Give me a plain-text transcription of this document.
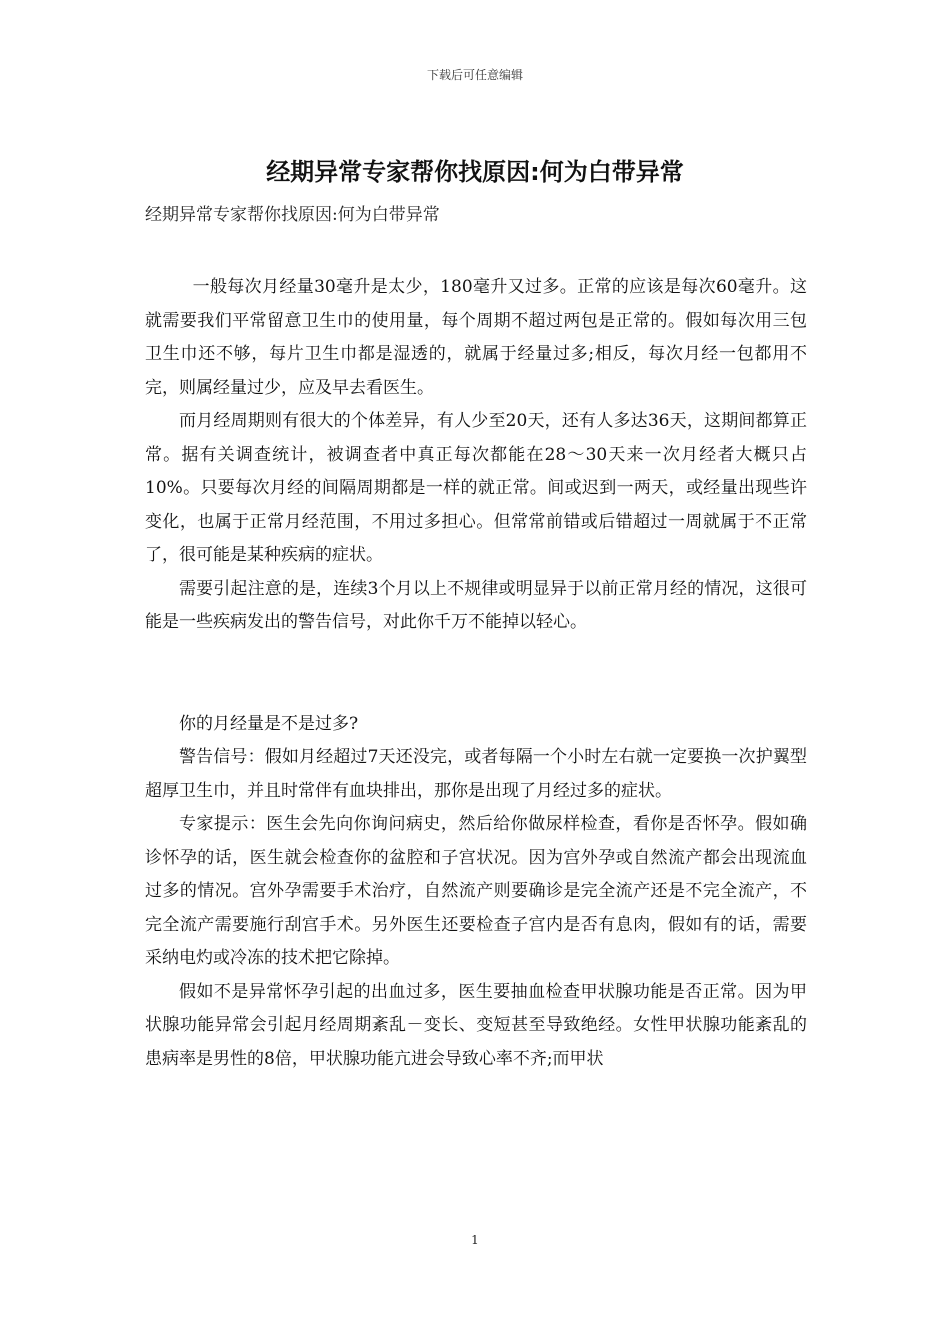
下载后可任意编辑
经期异常专家帮你找原因:何为白带异常
经期异常专家帮你找原因:何为白带异常

一般每次月经量30毫升是太少，180毫升又过多。正常的应该是每次60毫升。这就需要我们平常留意卫生巾的使用量，每个周期不超过两包是正常的。假如每次用三包卫生巾还不够，每片卫生巾都是湿透的，就属于经量过多;相反，每次月经一包都用不完，则属经量过少，应及早去看医生。

而月经周期则有很大的个体差异，有人少至20天，还有人多达36天，这期间都算正常。据有关调查统计，被调查者中真正每次都能在28～30天来一次月经者大概只占10%。只要每次月经的间隔周期都是一样的就正常。间或迟到一两天，或经量出现些许变化，也属于正常月经范围，不用过多担心。但常常前错或后错超过一周就属于不正常了，很可能是某种疾病的症状。

需要引起注意的是，连续3个月以上不规律或明显异于以前正常月经的情况，这很可能是一些疾病发出的警告信号，对此你千万不能掉以轻心。

你的月经量是不是过多?

警告信号：假如月经超过7天还没完，或者每隔一个小时左右就一定要换一次护翼型超厚卫生巾，并且时常伴有血块排出，那你是出现了月经过多的症状。

专家提示：医生会先向你询问病史，然后给你做尿样检查，看你是否怀孕。假如确诊怀孕的话，医生就会检查你的盆腔和子宫状况。因为宫外孕或自然流产都会出现流血过多的情况。宫外孕需要手术治疗，自然流产则要确诊是完全流产还是不完全流产，不完全流产需要施行刮宫手术。另外医生还要检查子宫内是否有息肉，假如有的话，需要采纳电灼或冷冻的技术把它除掉。

假如不是异常怀孕引起的出血过多，医生要抽血检查甲状腺功能是否正常。因为甲状腺功能异常会引起月经周期紊乱－变长、变短甚至导致绝经。女性甲状腺功能紊乱的患病率是男性的8倍，甲状腺功能亢进会导致心率不齐;而甲状

1
